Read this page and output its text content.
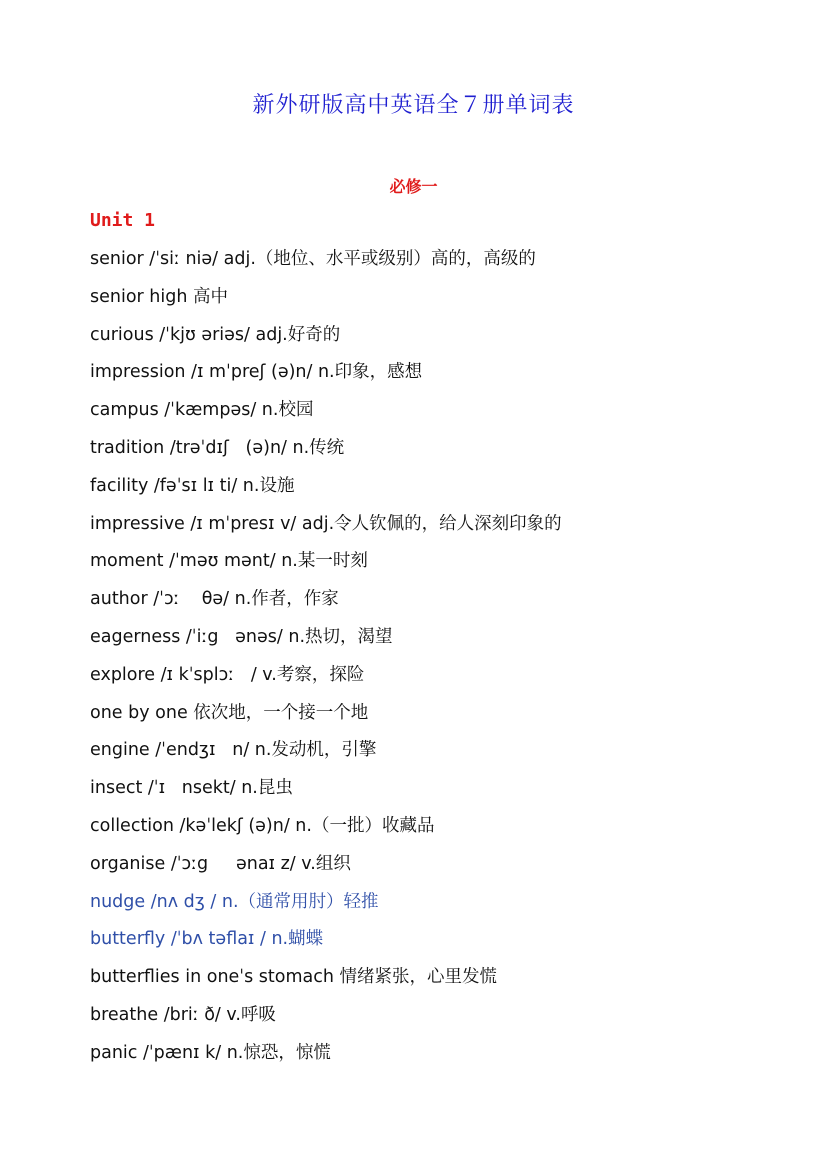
新外研版高中英语全７册单词表
必修一
Unit 1
senior /ˈsiː niə/ adj.（地位、水平或级别）高的，高级的
senior high 高中
curious /ˈkjʊ əriəs/ adj.好奇的
impression /ɪ mˈpreʃ (ə)n/ n.印象，感想
campus /ˈkæmpəs/ n.校园
tradition /trəˈdɪʃ   (ə)n/ n.传统
facility /fəˈsɪ lɪ ti/ n.设施
impressive /ɪ mˈpresɪ v/ adj.令人钦佩的，给人深刻印象的
moment /ˈməʊ mənt/ n.某一时刻
author /ˈɔː    θə/ n.作者，作家
eagerness /ˈiːg   ənəs/ n.热切，渴望
explore /ɪ kˈsplɔː   / v.考察，探险
one by one 依次地，一个接一个地
engine /ˈendʒɪ   n/ n.发动机，引擎
insect /ˈɪ   nsekt/ n.昆虫
collection /kəˈlekʃ (ə)n/ n.（一批）收藏品
organise /ˈɔːg     ənaɪ z/ v.组织
nudge /nʌ dʒ / n.（通常用肘）轻推
butterfly /ˈbʌ təflaɪ / n.蝴蝶
butterflies in oneˈs stomach 情绪紧张，心里发慌
breathe /briː ð/ v.呼吸
panic /ˈpænɪ k/ n.惊恐，惊慌
